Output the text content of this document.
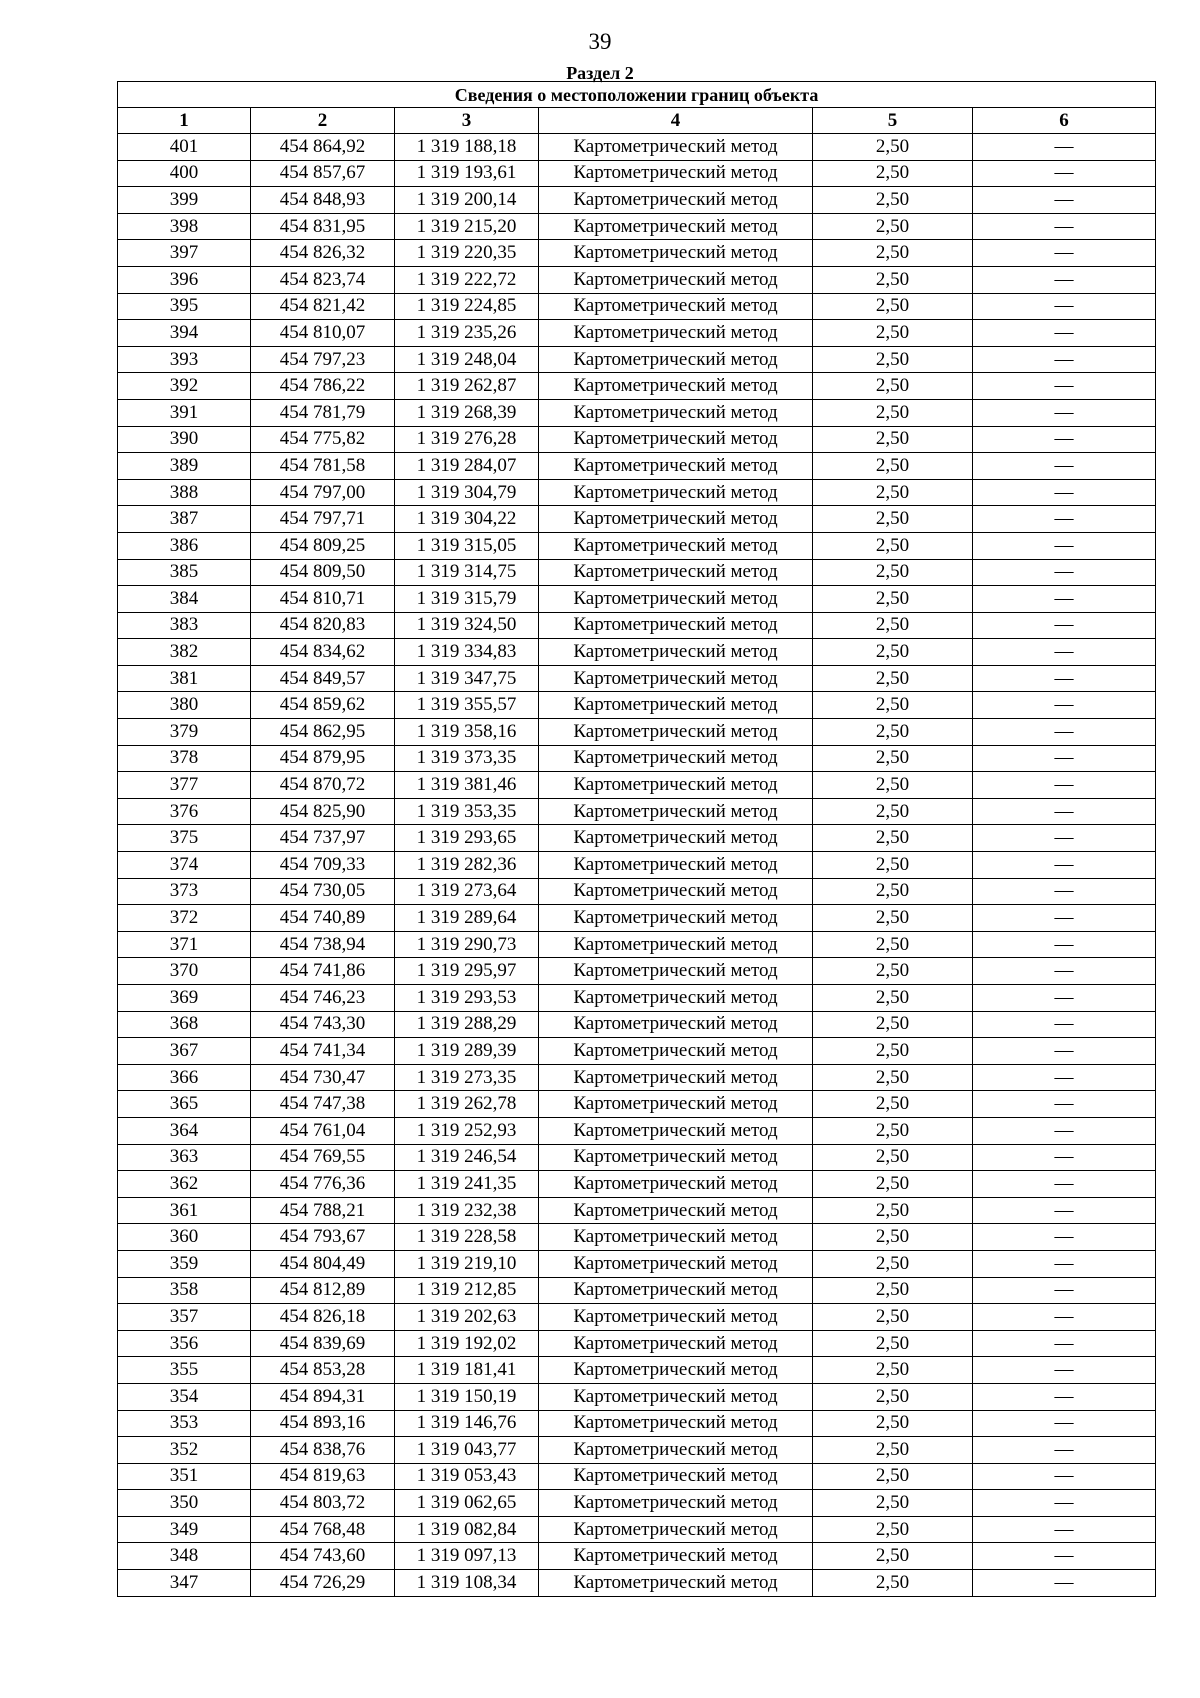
39
Раздел 2
Сведения о местоположении границ объекта					
1	2	3	4	5	6
401	454 864,92	1 319 188,18	Картометрический метод	2,50	—
400	454 857,67	1 319 193,61	Картометрический метод	2,50	—
399	454 848,93	1 319 200,14	Картометрический метод	2,50	—
398	454 831,95	1 319 215,20	Картометрический метод	2,50	—
397	454 826,32	1 319 220,35	Картометрический метод	2,50	—
396	454 823,74	1 319 222,72	Картометрический метод	2,50	—
395	454 821,42	1 319 224,85	Картометрический метод	2,50	—
394	454 810,07	1 319 235,26	Картометрический метод	2,50	—
393	454 797,23	1 319 248,04	Картометрический метод	2,50	—
392	454 786,22	1 319 262,87	Картометрический метод	2,50	—
391	454 781,79	1 319 268,39	Картометрический метод	2,50	—
390	454 775,82	1 319 276,28	Картометрический метод	2,50	—
389	454 781,58	1 319 284,07	Картометрический метод	2,50	—
388	454 797,00	1 319 304,79	Картометрический метод	2,50	—
387	454 797,71	1 319 304,22	Картометрический метод	2,50	—
386	454 809,25	1 319 315,05	Картометрический метод	2,50	—
385	454 809,50	1 319 314,75	Картометрический метод	2,50	—
384	454 810,71	1 319 315,79	Картометрический метод	2,50	—
383	454 820,83	1 319 324,50	Картометрический метод	2,50	—
382	454 834,62	1 319 334,83	Картометрический метод	2,50	—
381	454 849,57	1 319 347,75	Картометрический метод	2,50	—
380	454 859,62	1 319 355,57	Картометрический метод	2,50	—
379	454 862,95	1 319 358,16	Картометрический метод	2,50	—
378	454 879,95	1 319 373,35	Картометрический метод	2,50	—
377	454 870,72	1 319 381,46	Картометрический метод	2,50	—
376	454 825,90	1 319 353,35	Картометрический метод	2,50	—
375	454 737,97	1 319 293,65	Картометрический метод	2,50	—
374	454 709,33	1 319 282,36	Картометрический метод	2,50	—
373	454 730,05	1 319 273,64	Картометрический метод	2,50	—
372	454 740,89	1 319 289,64	Картометрический метод	2,50	—
371	454 738,94	1 319 290,73	Картометрический метод	2,50	—
370	454 741,86	1 319 295,97	Картометрический метод	2,50	—
369	454 746,23	1 319 293,53	Картометрический метод	2,50	—
368	454 743,30	1 319 288,29	Картометрический метод	2,50	—
367	454 741,34	1 319 289,39	Картометрический метод	2,50	—
366	454 730,47	1 319 273,35	Картометрический метод	2,50	—
365	454 747,38	1 319 262,78	Картометрический метод	2,50	—
364	454 761,04	1 319 252,93	Картометрический метод	2,50	—
363	454 769,55	1 319 246,54	Картометрический метод	2,50	—
362	454 776,36	1 319 241,35	Картометрический метод	2,50	—
361	454 788,21	1 319 232,38	Картометрический метод	2,50	—
360	454 793,67	1 319 228,58	Картометрический метод	2,50	—
359	454 804,49	1 319 219,10	Картометрический метод	2,50	—
358	454 812,89	1 319 212,85	Картометрический метод	2,50	—
357	454 826,18	1 319 202,63	Картометрический метод	2,50	—
356	454 839,69	1 319 192,02	Картометрический метод	2,50	—
355	454 853,28	1 319 181,41	Картометрический метод	2,50	—
354	454 894,31	1 319 150,19	Картометрический метод	2,50	—
353	454 893,16	1 319 146,76	Картометрический метод	2,50	—
352	454 838,76	1 319 043,77	Картометрический метод	2,50	—
351	454 819,63	1 319 053,43	Картометрический метод	2,50	—
350	454 803,72	1 319 062,65	Картометрический метод	2,50	—
349	454 768,48	1 319 082,84	Картометрический метод	2,50	—
348	454 743,60	1 319 097,13	Картометрический метод	2,50	—
347	454 726,29	1 319 108,34	Картометрический метод	2,50	—
